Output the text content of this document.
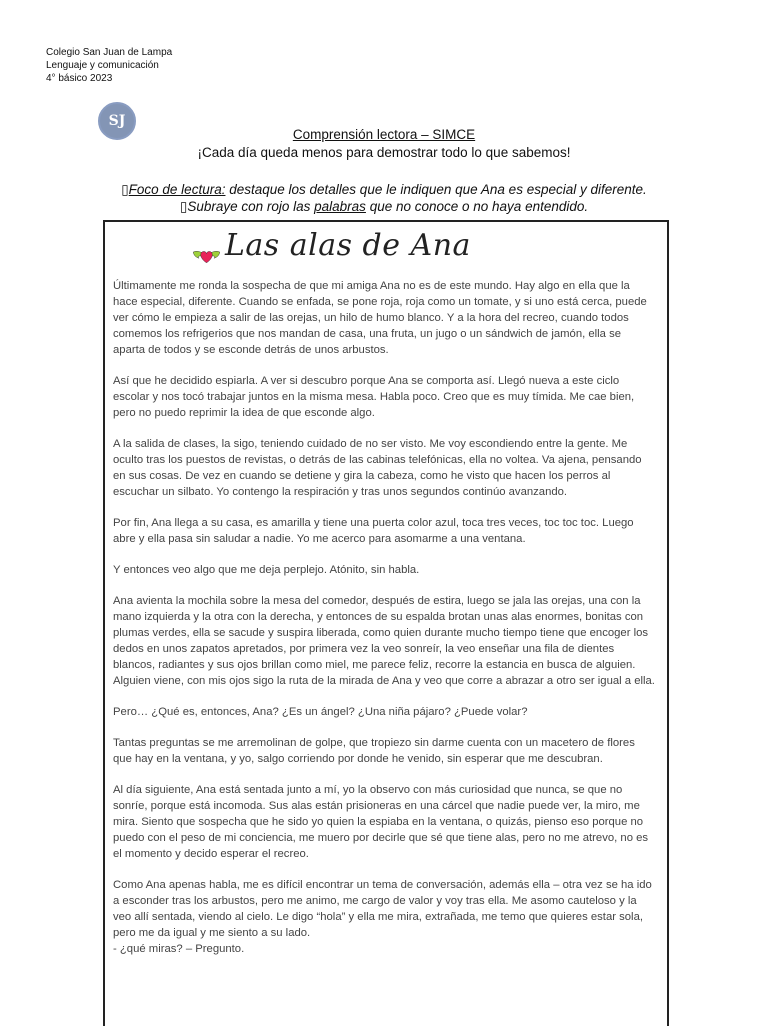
SJ
Colegio San Juan de Lampa
Lenguaje y comunicación
4° básico 2023
Comprensión lectora – SIMCE
¡Cada día queda menos para demostrar todo lo que sabemos!
▯Foco de lectura: destaque los detalles que le indiquen que Ana es especial y diferente.
▯Subraye con rojo las palabras que no conoce o no haya entendido.
Las alas de Ana

Últimamente me ronda la sospecha de que mi amiga Ana no es de este mundo. Hay algo en ella que la hace especial, diferente. Cuando se enfada, se pone roja, roja como un tomate, y si uno está cerca, puede ver cómo le empieza a salir de las orejas, un hilo de humo blanco. Y a la hora del recreo, cuando todos comemos los refrigerios que nos mandan de casa, una fruta, un jugo o un sándwich de jamón, ella se aparta de todos y se esconde detrás de unos arbustos.

Así que he decidido espiarla. A ver si descubro porque Ana se comporta así. Llegó nueva a este ciclo escolar y nos tocó trabajar juntos en la misma mesa. Habla poco. Creo que es muy tímida. Me cae bien, pero no puedo reprimir la idea de que esconde algo.

A la salida de clases, la sigo, teniendo cuidado de no ser visto. Me voy escondiendo entre la gente. Me oculto tras los puestos de revistas, o detrás de las cabinas telefónicas, ella no voltea. Va ajena, pensando en sus cosas. De vez en cuando se detiene y gira la cabeza, como he visto que hacen los perros al escuchar un silbato. Yo contengo la respiración y tras unos segundos continúo avanzando.

Por fin, Ana llega a su casa, es amarilla y tiene una puerta color azul, toca tres veces, toc toc toc. Luego abre y ella pasa sin saludar a nadie. Yo me acerco para asomarme a una ventana.

Y entonces veo algo que me deja perplejo. Atónito, sin habla.

Ana avienta la mochila sobre la mesa del comedor, después de estira, luego se jala las orejas, una con la mano izquierda y la otra con la derecha, y entonces de su espalda brotan unas alas enormes, bonitas con plumas verdes, ella se sacude y suspira liberada, como quien durante mucho tiempo tiene que encoger los dedos en unos zapatos apretados, por primera vez la veo sonreír, la veo enseñar una fila de dientes blancos, radiantes y sus ojos brillan como miel, me parece feliz, recorre la estancia en busca de alguien. Alguien viene, con mis ojos sigo la ruta de la mirada de Ana y veo que corre a abrazar a otro ser igual a ella.

Pero… ¿Qué es, entonces, Ana? ¿Es un ángel? ¿Una niña pájaro? ¿Puede volar?

Tantas preguntas se me arremolinan de golpe, que tropiezo sin darme cuenta con un macetero de flores que hay en la ventana, y yo, salgo corriendo por donde he venido, sin esperar que me descubran.

Al día siguiente, Ana está sentada junto a mí, yo la observo con más curiosidad que nunca, se que no sonríe, porque está incomoda. Sus alas están prisioneras en una cárcel que nadie puede ver, la miro, me mira. Siento que sospecha que he sido yo quien la espiaba en la ventana, o quizás, pienso eso porque no puedo con el peso de mi conciencia, me muero por decirle que sé que tiene alas, pero no me atrevo, no es el momento y decido esperar el recreo.

Como Ana apenas habla, me es difícil encontrar un tema de conversación, además ella – otra vez se ha ido a esconder tras los arbustos, pero me animo, me cargo de valor y voy tras ella. Me asomo cauteloso y la veo allí sentada, viendo al cielo. Le digo “hola” y ella me mira, extrañada, me temo que quieres estar sola, pero me da igual y me siento a su lado.

- ¿qué miras? – Pregunto.
